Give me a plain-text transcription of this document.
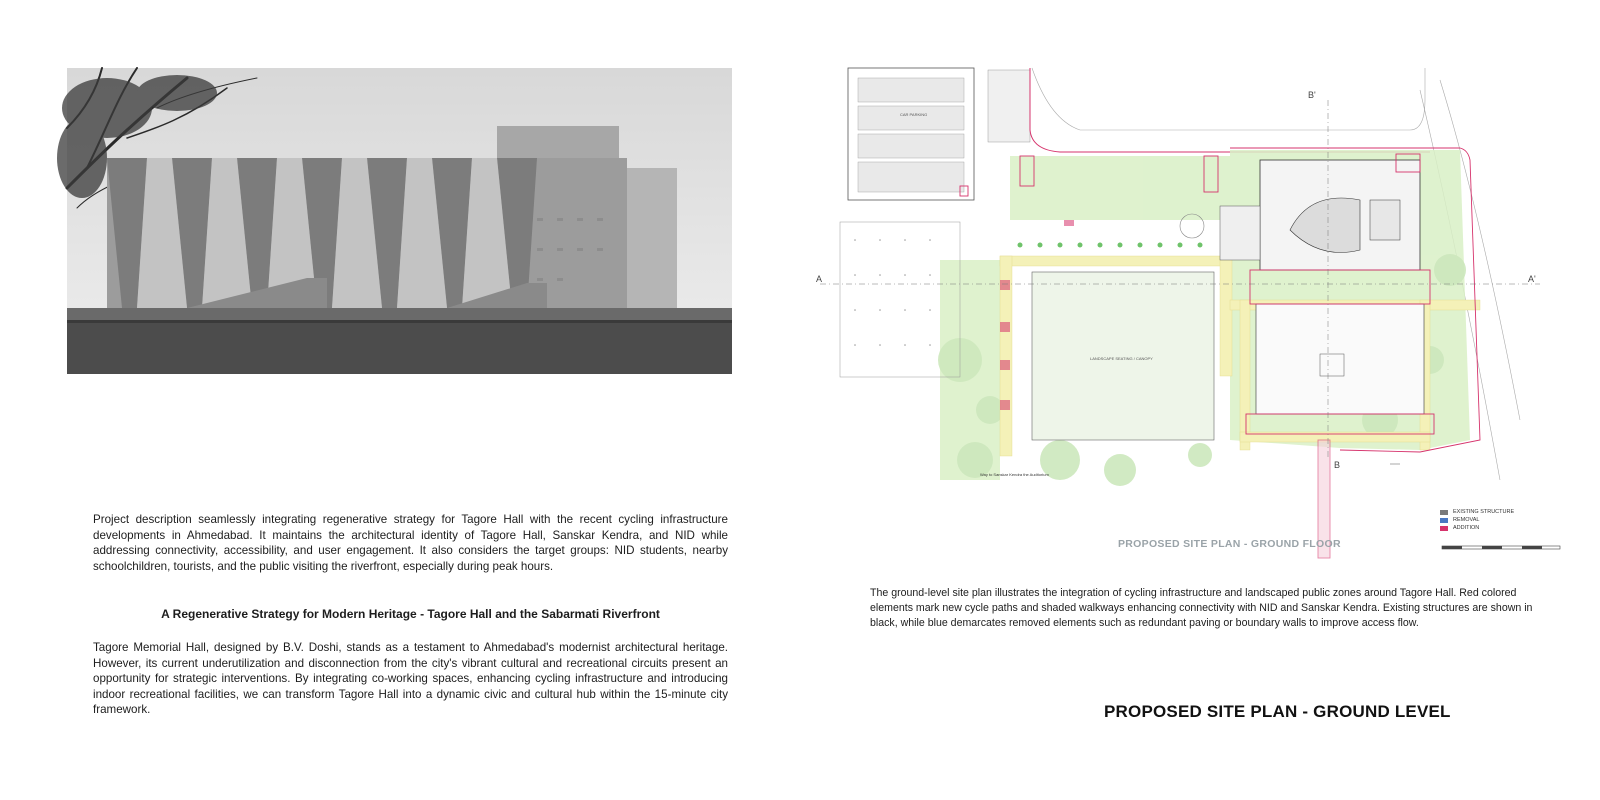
Project description seamlessly integrating regenerative strategy for Tagore Hall with the recent cycling infrastructure developments in Ahmedabad. It maintains the architectural identity of Tagore Hall, Sanskar Kendra, and NID while addressing connectivity, accessibility, and user engagement. It also considers the target groups: NID students, nearby schoolchildren, tourists, and the public visiting the riverfront, especially during peak hours.

A Regenerative Strategy for Modern Heritage - Tagore Hall and the Sabarmati Riverfront

Tagore Memorial Hall, designed by B.V. Doshi, stands as a testament to Ahmedabad's modernist architectural heritage. However, its current underutilization and disconnection from the city's vibrant cultural and recreational circuits present an opportunity for strategic interventions. By integrating co-working spaces, enhancing cycling infrastructure and introducing indoor recreational facilities, we can transform Tagore Hall into a dynamic civic and cultural hub within the 15-minute city framework.

CAR PARKING
LANDSCAPE SEATING / CANOPY
A	A'
B'
B
Way to Sanskar Kendra the Auditorium
PROPOSED SITE PLAN - GROUND FLOOR
EXISTING STRUCTURE
REMOVAL
ADDITION

The ground-level site plan illustrates the integration of cycling infrastructure and landscaped public zones around Tagore Hall. Red colored elements mark new cycle paths and shaded walkways enhancing connectivity with NID and Sanskar Kendra. Existing structures are shown in black, while blue demarcates removed elements such as redundant paving or boundary walls to improve access flow.

PROPOSED SITE PLAN - GROUND LEVEL
